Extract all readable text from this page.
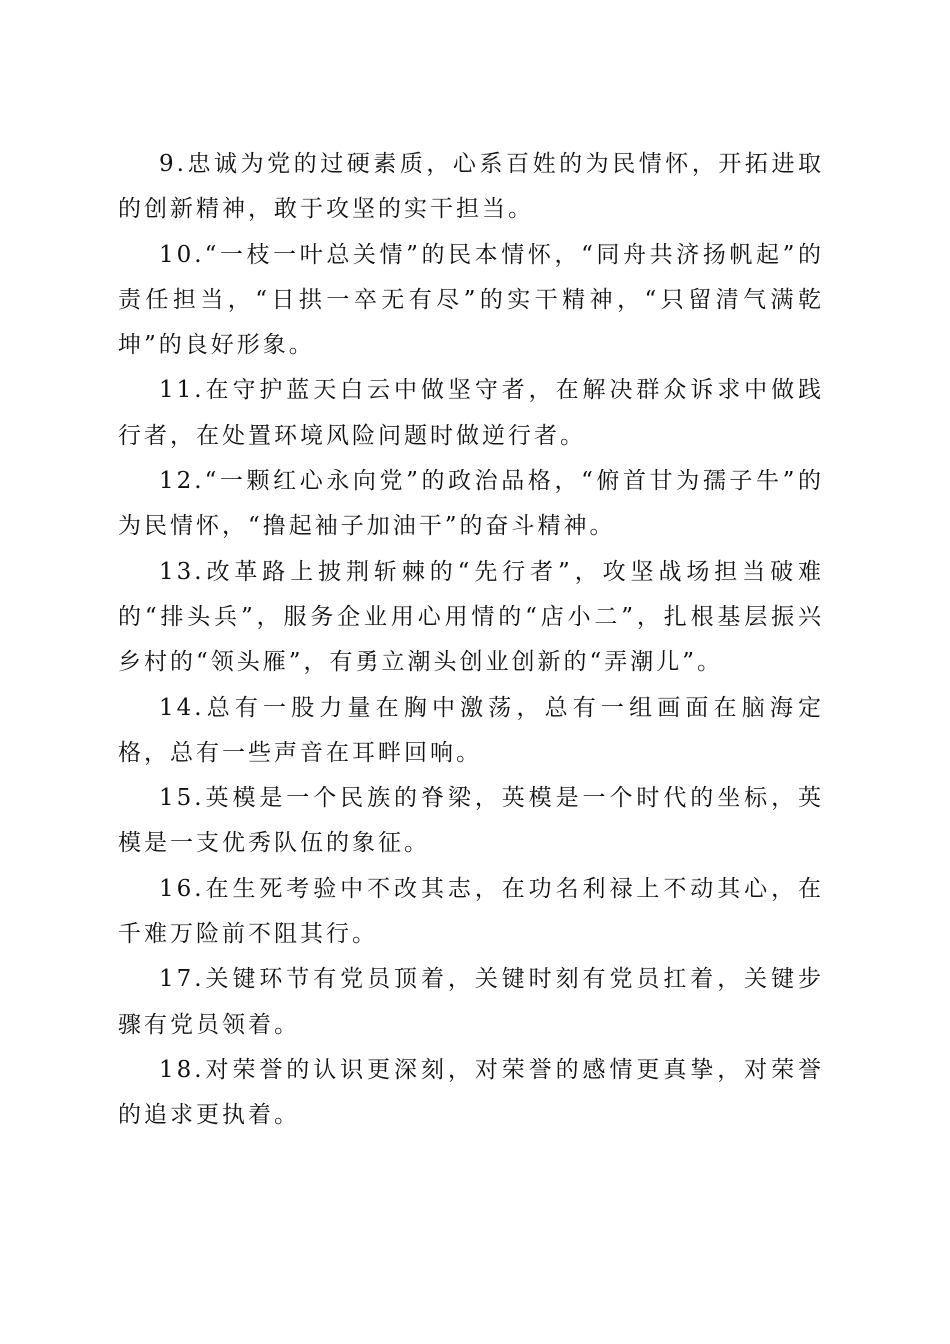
9.忠诚为党的过硬素质，心系百姓的为民情怀，开拓进取的创新精神，敢于攻坚的实干担当。

10.“一枝一叶总关情”的民本情怀，“同舟共济扬帆起”的责任担当，“日拱一卒无有尽”的实干精神，“只留清气满乾坤”的良好形象。

11.在守护蓝天白云中做坚守者，在解决群众诉求中做践行者，在处置环境风险问题时做逆行者。

12.“一颗红心永向党”的政治品格，“俯首甘为孺子牛”的为民情怀，“撸起袖子加油干”的奋斗精神。

13.改革路上披荆斩棘的“先行者”，攻坚战场担当破难的“排头兵”，服务企业用心用情的“店小二”，扎根基层振兴乡村的“领头雁”，有勇立潮头创业创新的“弄潮儿”。

14.总有一股力量在胸中激荡，总有一组画面在脑海定格，总有一些声音在耳畔回响。

15.英模是一个民族的脊梁，英模是一个时代的坐标，英模是一支优秀队伍的象征。

16.在生死考验中不改其志，在功名利禄上不动其心，在千难万险前不阻其行。

17.关键环节有党员顶着，关键时刻有党员扛着，关键步骤有党员领着。

18.对荣誉的认识更深刻，对荣誉的感情更真挚，对荣誉的追求更执着。
